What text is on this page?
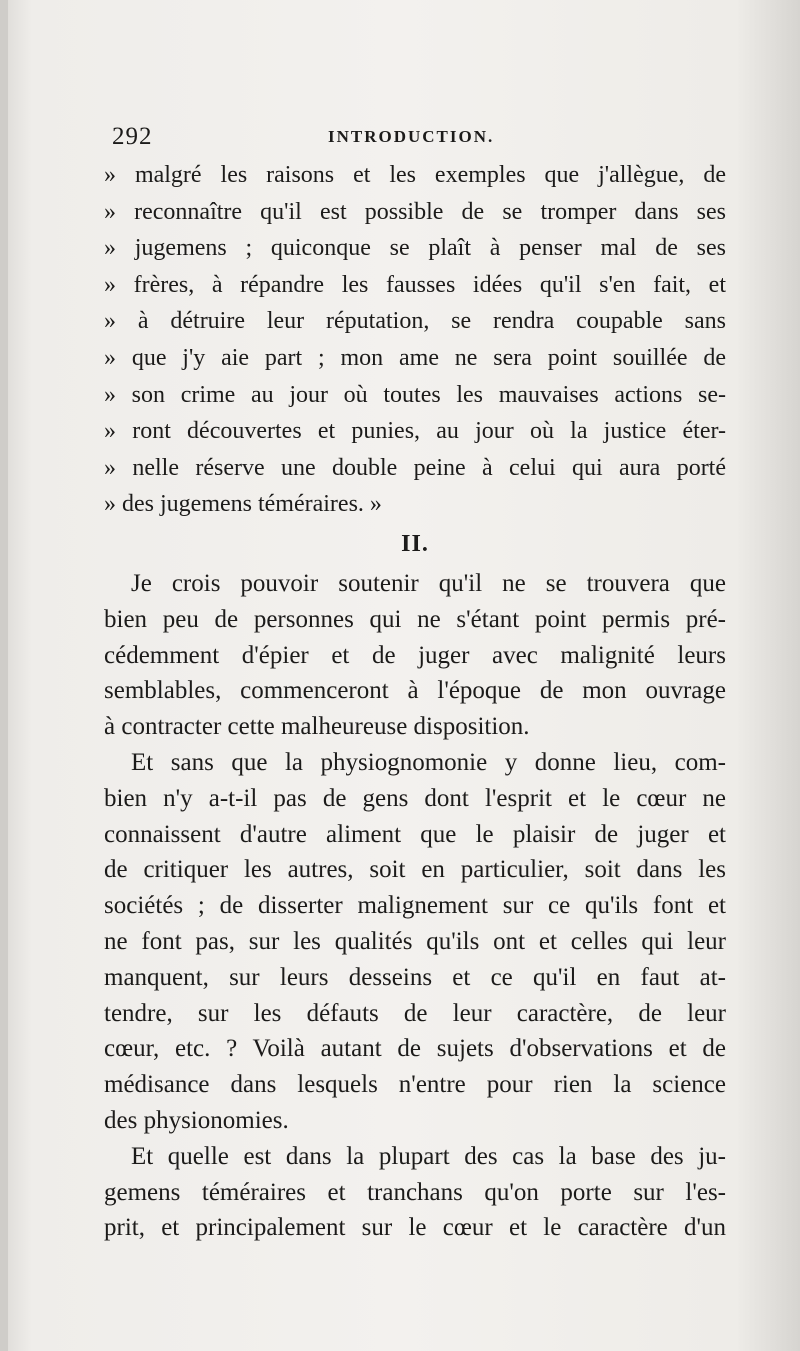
292	INTRODUCTION.
» malgré les raisons et les exemples que j'allègue, de
» reconnaître qu'il est possible de se tromper dans ses
» jugemens ; quiconque se plaît à penser mal de ses
» frères, à répandre les fausses idées qu'il s'en fait, et
» à détruire leur réputation, se rendra coupable sans
» que j'y aie part ; mon ame ne sera point souillée de
» son crime au jour où toutes les mauvaises actions se-
» ront découvertes et punies, au jour où la justice éter-
» nelle réserve une double peine à celui qui aura porté
» des jugemens téméraires. »
II.
Je crois pouvoir soutenir qu'il ne se trouvera que
bien peu de personnes qui ne s'étant point permis pré-
cédemment d'épier et de juger avec malignité leurs
semblables, commenceront à l'époque de mon ouvrage
à contracter cette malheureuse disposition.
Et sans que la physiognomonie y donne lieu, com-
bien n'y a-t-il pas de gens dont l'esprit et le cœur ne
connaissent d'autre aliment que le plaisir de juger et
de critiquer les autres, soit en particulier, soit dans les
sociétés ; de disserter malignement sur ce qu'ils font et
ne font pas, sur les qualités qu'ils ont et celles qui leur
manquent, sur leurs desseins et ce qu'il en faut at-
tendre, sur les défauts de leur caractère, de leur
cœur, etc. ? Voilà autant de sujets d'observations et de
médisance dans lesquels n'entre pour rien la science
des physionomies.
Et quelle est dans la plupart des cas la base des ju-
gemens téméraires et tranchans qu'on porte sur l'es-
prit, et principalement sur le cœur et le caractère d'un
